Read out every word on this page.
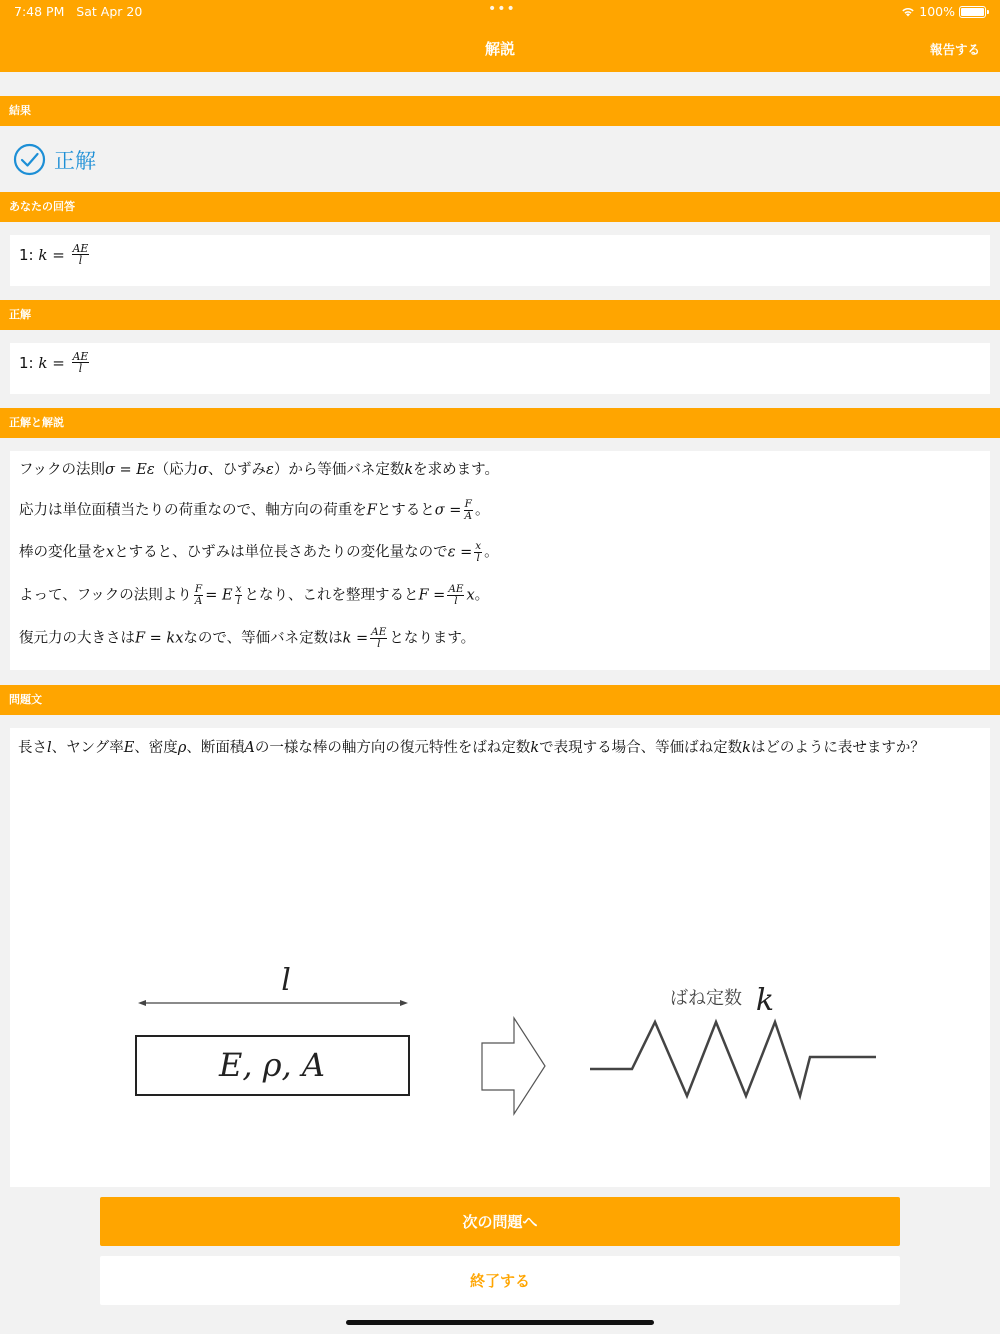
7:48 PM Sat Apr 20	•••	100%
解説	報告する
結果
正解
あなたの回答
1:
k
=
$\frac{AE}{l}$
正解
1:
k
=
$\frac{AE}{l}$
正解と解説

フックの法則σ = Eε（応力σ、ひずみε）から等価バネ定数kを求めます。

応力は単位面積当たりの荷重なので、軸方向の荷重をFとすると$\sigma = \frac{F}{A}$ 。

棒の変化量をxとすると、ひずみは単位長さあたりの変化量なので$\varepsilon = \frac{x}{l}$ 。

よって、フックの法則より $\frac{F}{A} = E \frac{x}{l}$ となり、これを整理すると$F = \frac{AE}{l}$ x。

復元力の大きさはF = kxなので、等価バネ定数は$k = \frac{AE}{l}$ となります。

問題文
長さl、ヤング率E、密度ρ、断面積Aの一様な棒の軸方向の復元特性をばね定数kで表現する場合、等価ばね定数kはどのように表せますか？
l
E, ρ, A
ばね定数 k
次の問題へ
終了する
